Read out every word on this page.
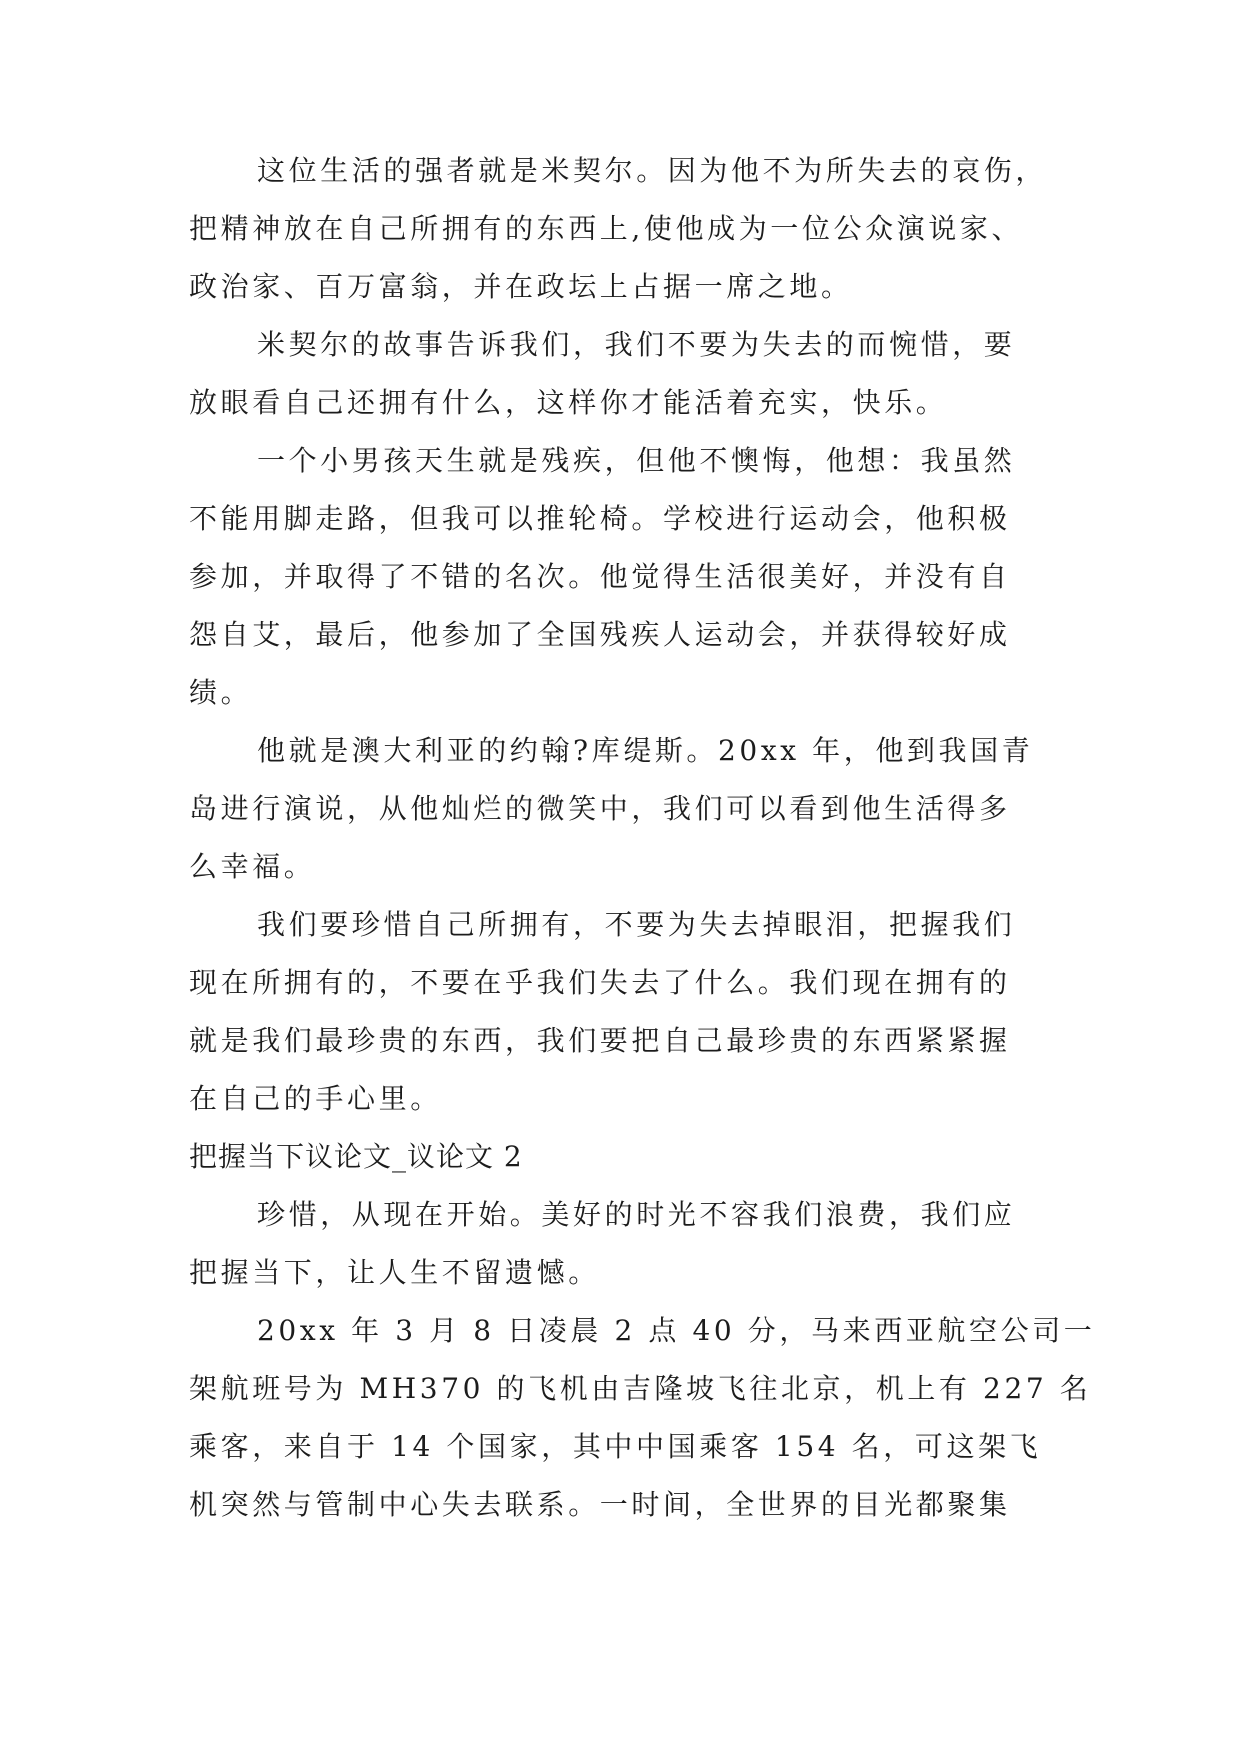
这位生活的强者就是米契尔。因为他不为所失去的哀伤，
把精神放在自己所拥有的东西上,使他成为一位公众演说家、
政治家、百万富翁，并在政坛上占据一席之地。
米契尔的故事告诉我们，我们不要为失去的而惋惜，要
放眼看自己还拥有什么，这样你才能活着充实，快乐。
一个小男孩天生就是残疾，但他不懊悔，他想：我虽然
不能用脚走路，但我可以推轮椅。学校进行运动会，他积极
参加，并取得了不错的名次。他觉得生活很美好，并没有自
怨自艾，最后，他参加了全国残疾人运动会，并获得较好成
绩。
他就是澳大利亚的约翰?库缇斯。20xx 年，他到我国青
岛进行演说，从他灿烂的微笑中，我们可以看到他生活得多
么幸福。
我们要珍惜自己所拥有，不要为失去掉眼泪，把握我们
现在所拥有的，不要在乎我们失去了什么。我们现在拥有的
就是我们最珍贵的东西，我们要把自己最珍贵的东西紧紧握
在自己的手心里。
把握当下议论文_议论文 2
珍惜，从现在开始。美好的时光不容我们浪费，我们应
把握当下，让人生不留遗憾。
20xx 年 3 月 8 日凌晨 2 点 40 分，马来西亚航空公司一
架航班号为 MH370 的飞机由吉隆坡飞往北京，机上有 227 名
乘客，来自于 14 个国家，其中中国乘客 154 名，可这架飞
机突然与管制中心失去联系。一时间，全世界的目光都聚集
